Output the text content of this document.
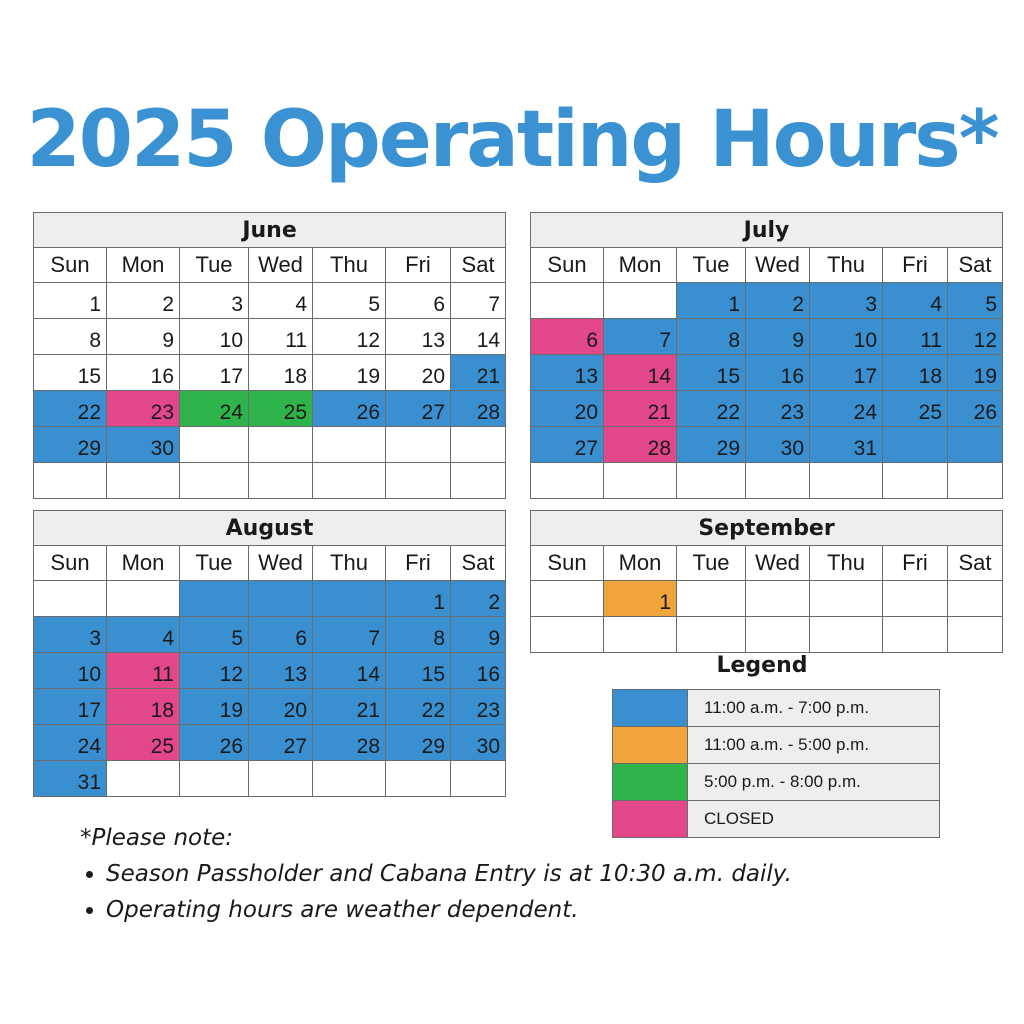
2025 Operating Hours*
June						
Sun	Mon	Tue	Wed	Thu	Fri	Sat
1	2	3	4	5	6	7
8	9	10	11	12	13	14
15	16	17	18	19	20	21
22	23	24	25	26	27	28
29	30					

July						
Sun	Mon	Tue	Wed	Thu	Fri	Sat
		1	2	3	4	5
6	7	8	9	10	11	12
13	14	15	16	17	18	19
20	21	22	23	24	25	26
27	28	29	30	31		

August						
Sun	Mon	Tue	Wed	Thu	Fri	Sat
					1	2
3	4	5	6	7	8	9
10	11	12	13	14	15	16
17	18	19	20	21	22	23
24	25	26	27	28	29	30
31						
September						
Sun	Mon	Tue	Wed	Thu	Fri	Sat
	1					

Legend
	11:00 a.m. - 7:00 p.m.
	11:00 a.m. - 5:00 p.m.
	5:00 p.m. - 8:00 p.m.
	CLOSED
*Please note:
• Season Passholder and Cabana Entry is at 10:30 a.m. daily.
• Operating hours are weather dependent.
